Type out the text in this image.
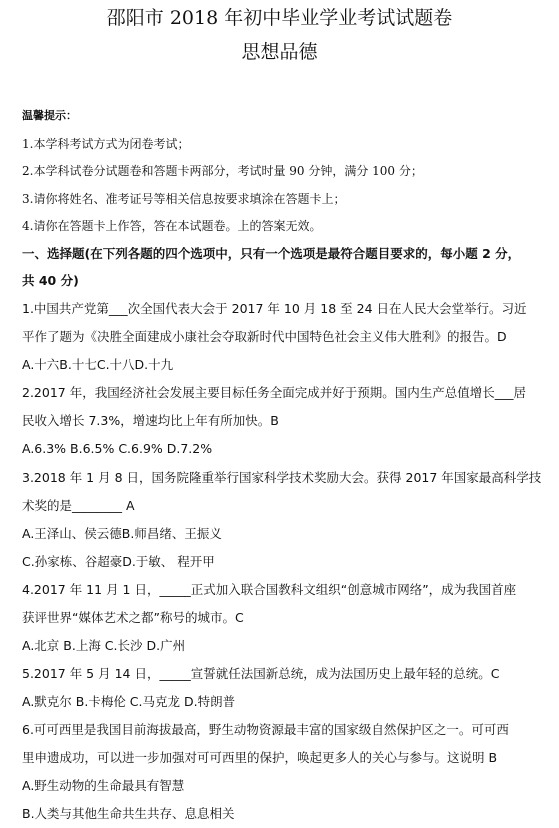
邵阳市 2018 年初中毕业学业考试试题卷
思想品德
温馨提示：
1.本学科考试方式为闭卷考试；
2.本学科试卷分试题卷和答题卡两部分，考试时量 90 分钟，满分 100 分；
3.请你将姓名、准考证号等相关信息按要求填涂在答题卡上；
4.请你在答题卡上作答，答在本试题卷。上的答案无效。
一、选择题(在下列各题的四个选项中，只有一个选项是最符合题目要求的，每小题 2 分，
共 40 分)
1.中国共产党第___次全国代表大会于 2017 年 10 月 18 至 24 日在人民大会堂举行。习近
平作了题为《决胜全面建成小康社会夺取新时代中国特色社会主义伟大胜利》的报告。D
A.十六B.十七C.十八D.十九
2.2017 年，我国经济社会发展主要目标任务全面完成并好于预期。国内生产总值增长___居
民收入增长 7.3%，增速均比上年有所加快。B
A.6.3% B.6.5% C.6.9% D.7.2%
3.2018 年 1 月 8 日，国务院隆重举行国家科学技术奖励大会。获得 2017 年国家最高科学技
术奖的是________ A
A.王泽山、侯云德B.师昌绪、王振义
C.孙家栋、谷超豪D.于敏、 程开甲
4.2017 年 11 月 1 日，_____正式加入联合国教科文组织“创意城市网络”，成为我国首座
获评世界“媒体艺术之都”称号的城市。C
A.北京 B.上海 C.长沙 D.广州
5.2017 年 5 月 14 日，_____宣誓就任法国新总统，成为法国历史上最年轻的总统。C
A.默克尔 B.卡梅伦 C.马克龙 D.特朗普
6.可可西里是我国目前海拔最高，野生动物资源最丰富的国家级自然保护区之一。可可西
里申遗成功，可以进一步加强对可可西里的保护，唤起更多人的关心与参与。这说明 B
A.野生动物的生命最具有智慧
B.人类与其他生命共生共存、息息相关
